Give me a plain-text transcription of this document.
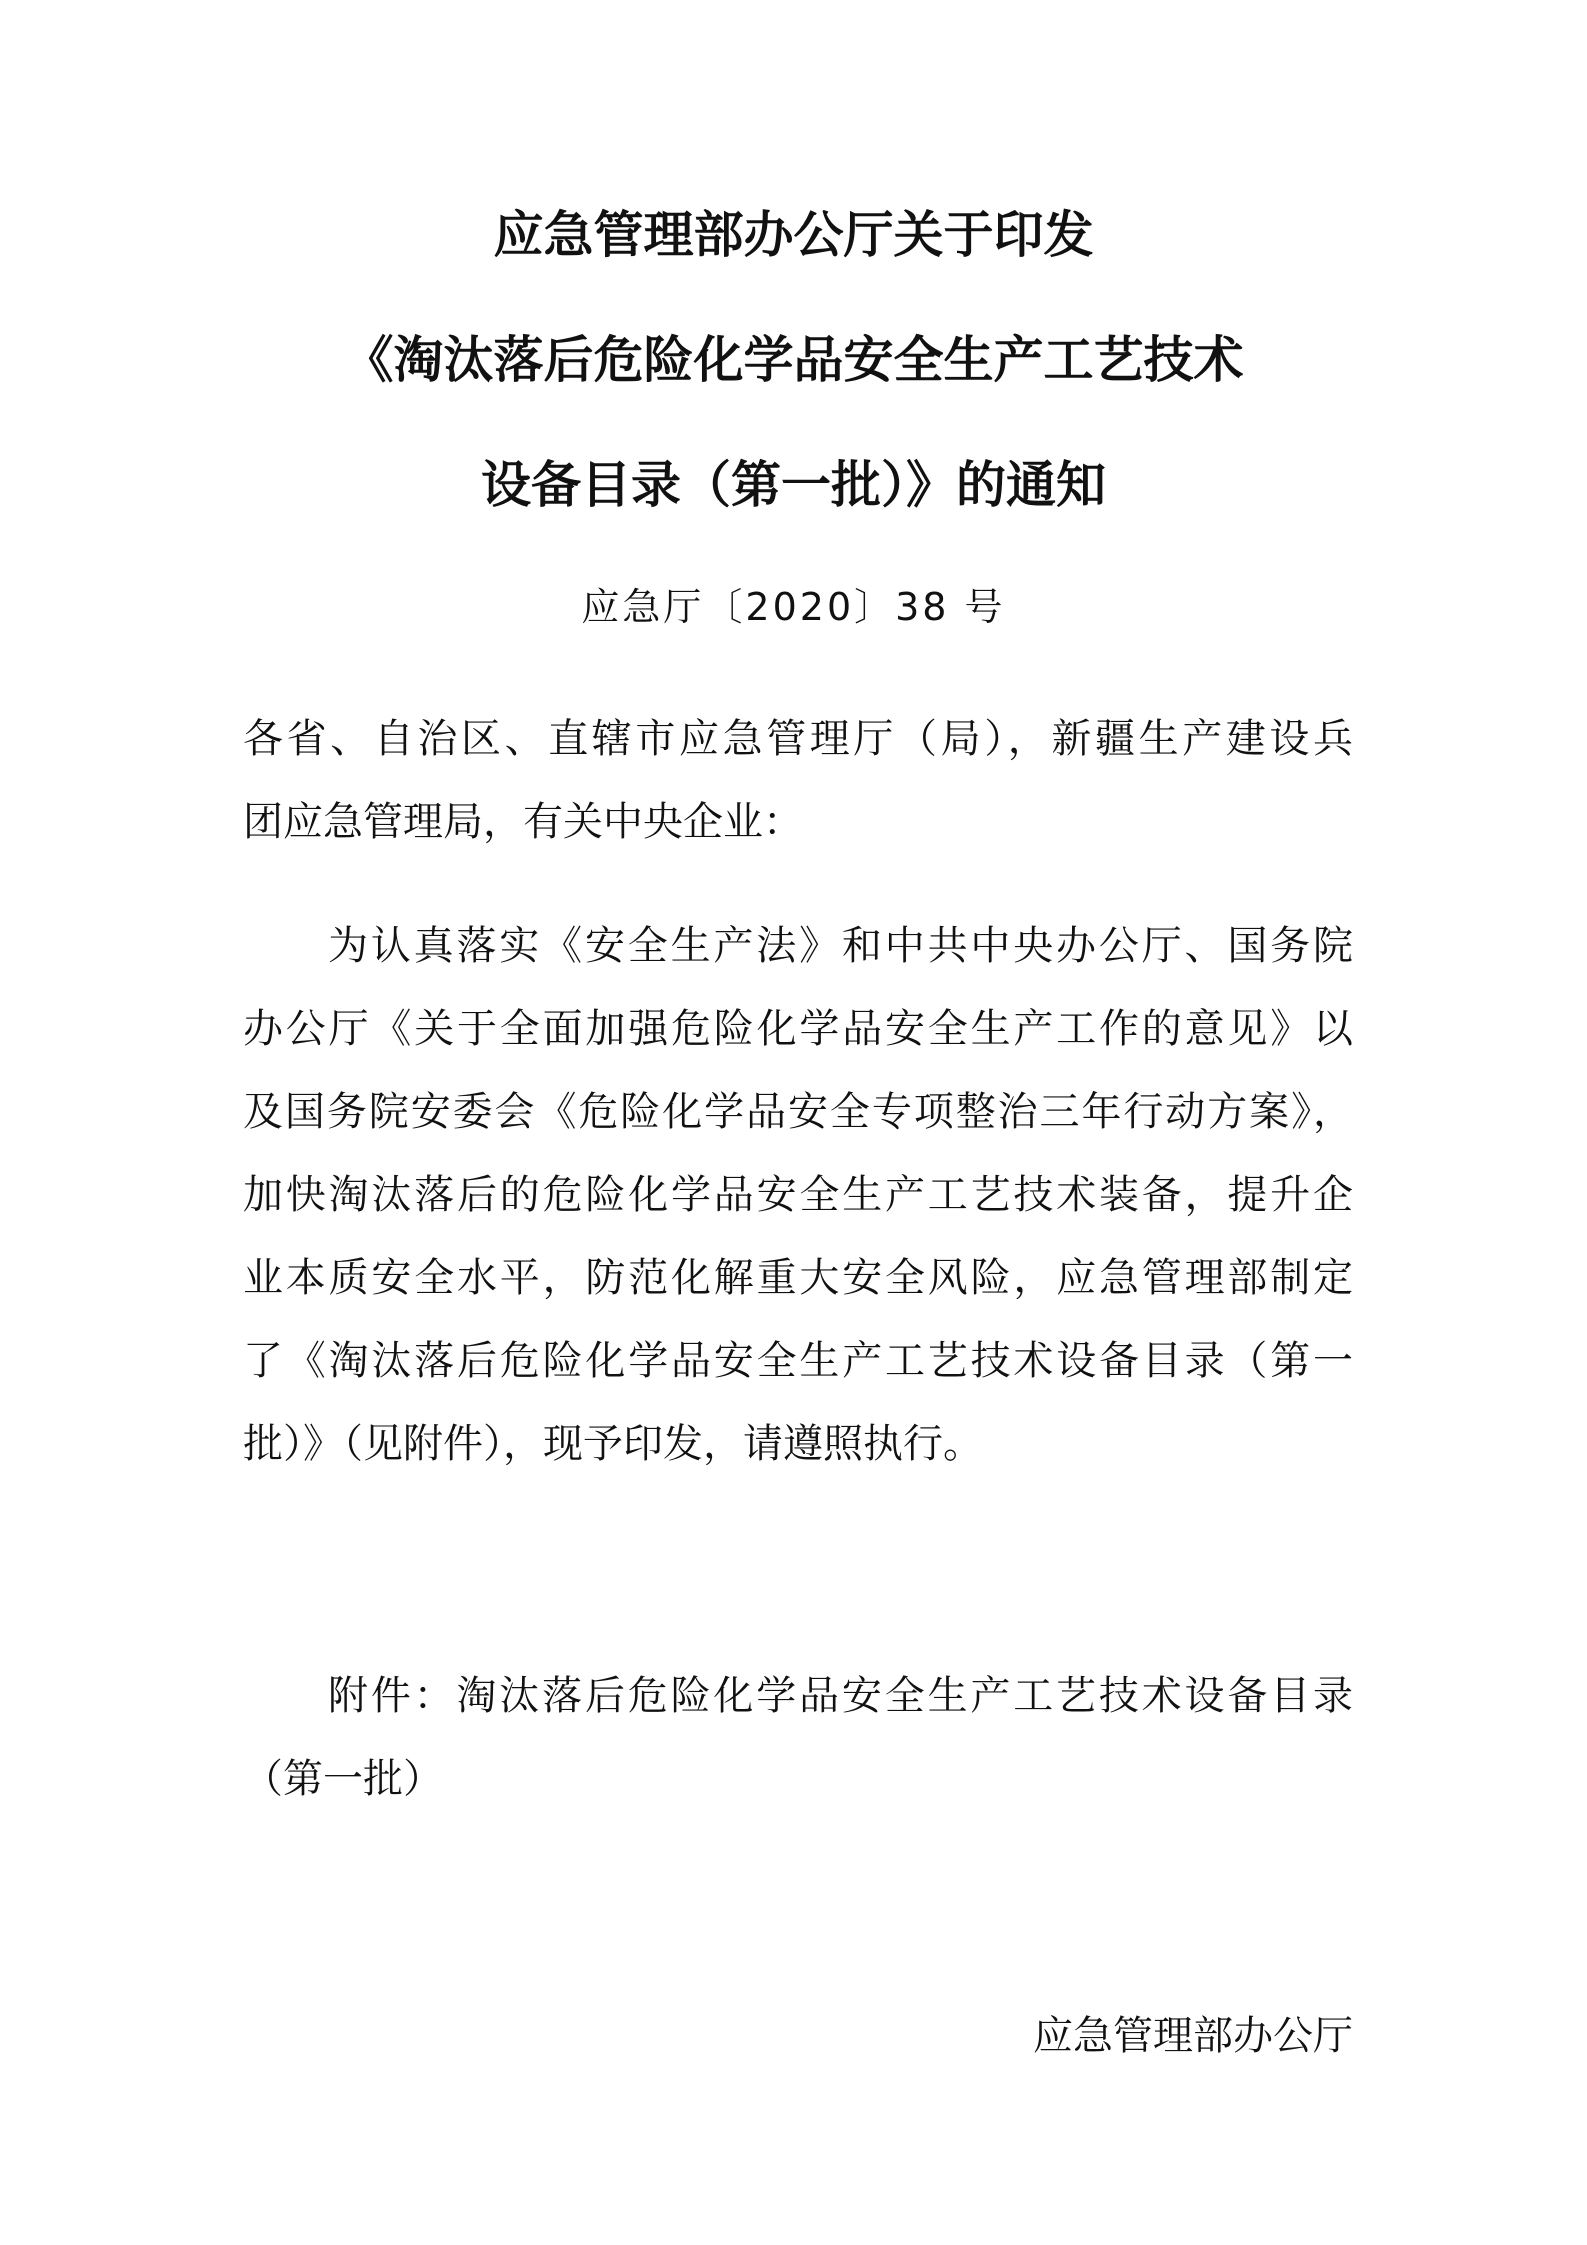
应急管理部办公厅关于印发
《淘汰落后危险化学品安全生产工艺技术
设备目录（第一批）》的通知
应急厅〔2020〕38 号
各省、自治区、直辖市应急管理厅（局），新疆生产建设兵
团应急管理局，有关中央企业：
为认真落实《安全生产法》和中共中央办公厅、国务院
办公厅《关于全面加强危险化学品安全生产工作的意见》以
及国务院安委会《危险化学品安全专项整治三年行动方案》，
加快淘汰落后的危险化学品安全生产工艺技术装备，提升企
业本质安全水平，防范化解重大安全风险，应急管理部制定
了《淘汰落后危险化学品安全生产工艺技术设备目录（第一
批）》（见附件），现予印发，请遵照执行。
附件：淘汰落后危险化学品安全生产工艺技术设备目录
（第一批）
应急管理部办公厅
